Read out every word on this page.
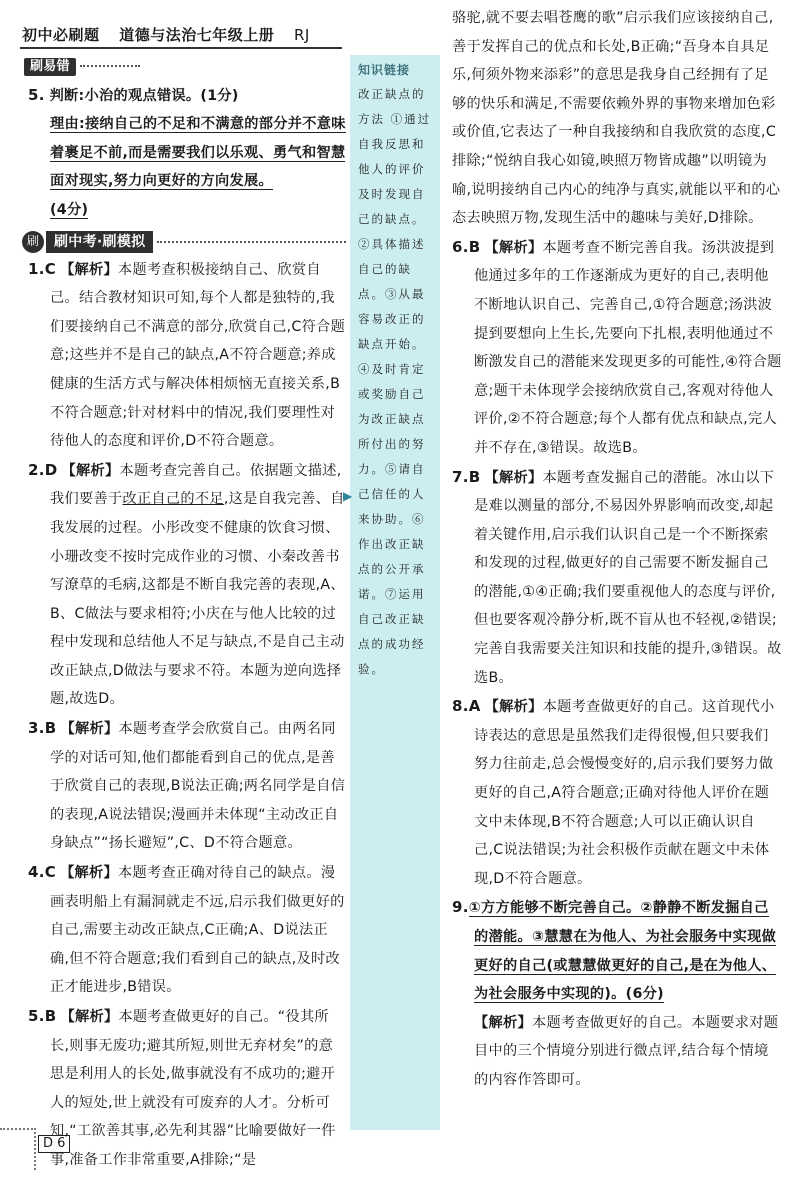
初中必刷题 道德与法治七年级上册 RJ
刷易错

5. 判断:小治的观点错误。(1分)
理由:接纳自己的不足和不满意的部分并不意味着裹足不前,而是需要我们以乐观、勇气和智慧面对现实,努力向更好的方向发展。
(4分)

刷	刷中考·刷模拟

1.C 【解析】本题考查积极接纳自己、欣赏自己。结合教材知识可知,每个人都是独特的,我们要接纳自己不满意的部分,欣赏自己,C符合题意;这些并不是自己的缺点,A不符合题意;养成健康的生活方式与解决体相烦恼无直接关系,B不符合题意;针对材料中的情况,我们要理性对待他人的态度和评价,D不符合题意。

2.D 【解析】本题考查完善自己。依据题文描述,我们要善于改正自己的不足,这是自我完善、自我发展的过程。小彤改变不健康的饮食习惯、小珊改变不按时完成作业的习惯、小秦改善书写潦草的毛病,这都是不断自我完善的表现,A、B、C做法与要求相符;小庆在与他人比较的过程中发现和总结他人不足与缺点,不是自己主动改正缺点,D做法与要求不符。本题为逆向选择题,故选D。

3.B 【解析】本题考查学会欣赏自己。由两名同学的对话可知,他们都能看到自己的优点,是善于欣赏自己的表现,B说法正确;两名同学是自信的表现,A说法错误;漫画并未体现“主动改正自身缺点”“扬长避短”,C、D不符合题意。

4.C 【解析】本题考查正确对待自己的缺点。漫画表明船上有漏洞就走不远,启示我们做更好的自己,需要主动改正缺点,C正确;A、D说法正确,但不符合题意;我们看到自己的缺点,及时改正才能进步,B错误。

5.B 【解析】本题考查做更好的自己。“役其所长,则事无废功;避其所短,则世无弃材矣”的意思是利用人的长处,做事就没有不成功的;避开人的短处,世上就没有可废弃的人才。分析可知,“工欲善其事,必先利其器”比喻要做好一件事,准备工作非常重要,A排除;“是

知识链接
改正缺点的方法 ①通过自我反思和他人的评价及时发现自己的缺点。②具体描述自己的缺点。③从最容易改正的缺点开始。④及时肯定或奖励自己为改正缺点所付出的努力。⑤请自己信任的人来协助。⑥作出改正缺点的公开承诺。⑦运用自己改正缺点的成功经验。
▶

骆驼,就不要去唱苍鹰的歌”启示我们应该接纳自己,善于发挥自己的优点和长处,B正确;“吾身本自具足乐,何须外物来添彩”的意思是我身自己经拥有了足够的快乐和满足,不需要依赖外界的事物来增加色彩或价值,它表达了一种自我接纳和自我欣赏的态度,C排除;“悦纳自我心如镜,映照万物皆成趣”以明镜为喻,说明接纳自己内心的纯净与真实,就能以平和的心态去映照万物,发现生活中的趣味与美好,D排除。

6.B 【解析】本题考查不断完善自我。汤洪波提到他通过多年的工作逐渐成为更好的自己,表明他不断地认识自己、完善自己,①符合题意;汤洪波提到要想向上生长,先要向下扎根,表明他通过不断激发自己的潜能来发现更多的可能性,④符合题意;题干未体现学会接纳欣赏自己,客观对待他人评价,②不符合题意;每个人都有优点和缺点,完人并不存在,③错误。故选B。

7.B 【解析】本题考查发掘自己的潜能。冰山以下是难以测量的部分,不易因外界影响而改变,却起着关键作用,启示我们认识自己是一个不断探索和发现的过程,做更好的自己需要不断发掘自己的潜能,①④正确;我们要重视他人的态度与评价,但也要客观冷静分析,既不盲从也不轻视,②错误;完善自我需要关注知识和技能的提升,③错误。故选B。

8.A 【解析】本题考查做更好的自己。这首现代小诗表达的意思是虽然我们走得很慢,但只要我们努力往前走,总会慢慢变好的,启示我们要努力做更好的自己,A符合题意;正确对待他人评价在题文中未体现,B不符合题意;人可以正确认识自己,C说法错误;为社会积极作贡献在题文中未体现,D不符合题意。

9.①方方能够不断完善自己。②静静不断发掘自己的潜能。③慧慧在为他人、为社会服务中实现做更好的自己(或慧慧做更好的自己,是在为他人、为社会服务中实现的)。(6分)
【解析】本题考查做更好的自己。本题要求对题目中的三个情境分别进行微点评,结合每个情境的内容作答即可。

D 6
